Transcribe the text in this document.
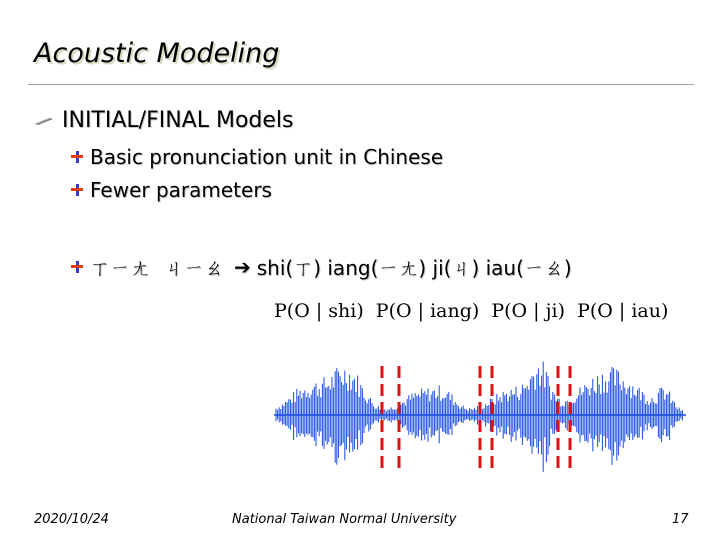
Acoustic Modeling
INITIAL/FINAL Models
Basic pronunciation unit in Chinese
Fewer parameters
ㄒㄧㄤ ㄐㄧㄠ ➔ shi(ㄒ) iang(ㄧㄤ) ji(ㄐ) iau(ㄧㄠ)
P(O | shi)  P(O | iang)  P(O | ji)  P(O | iau)
2020/10/24	National Taiwan Normal University	17
